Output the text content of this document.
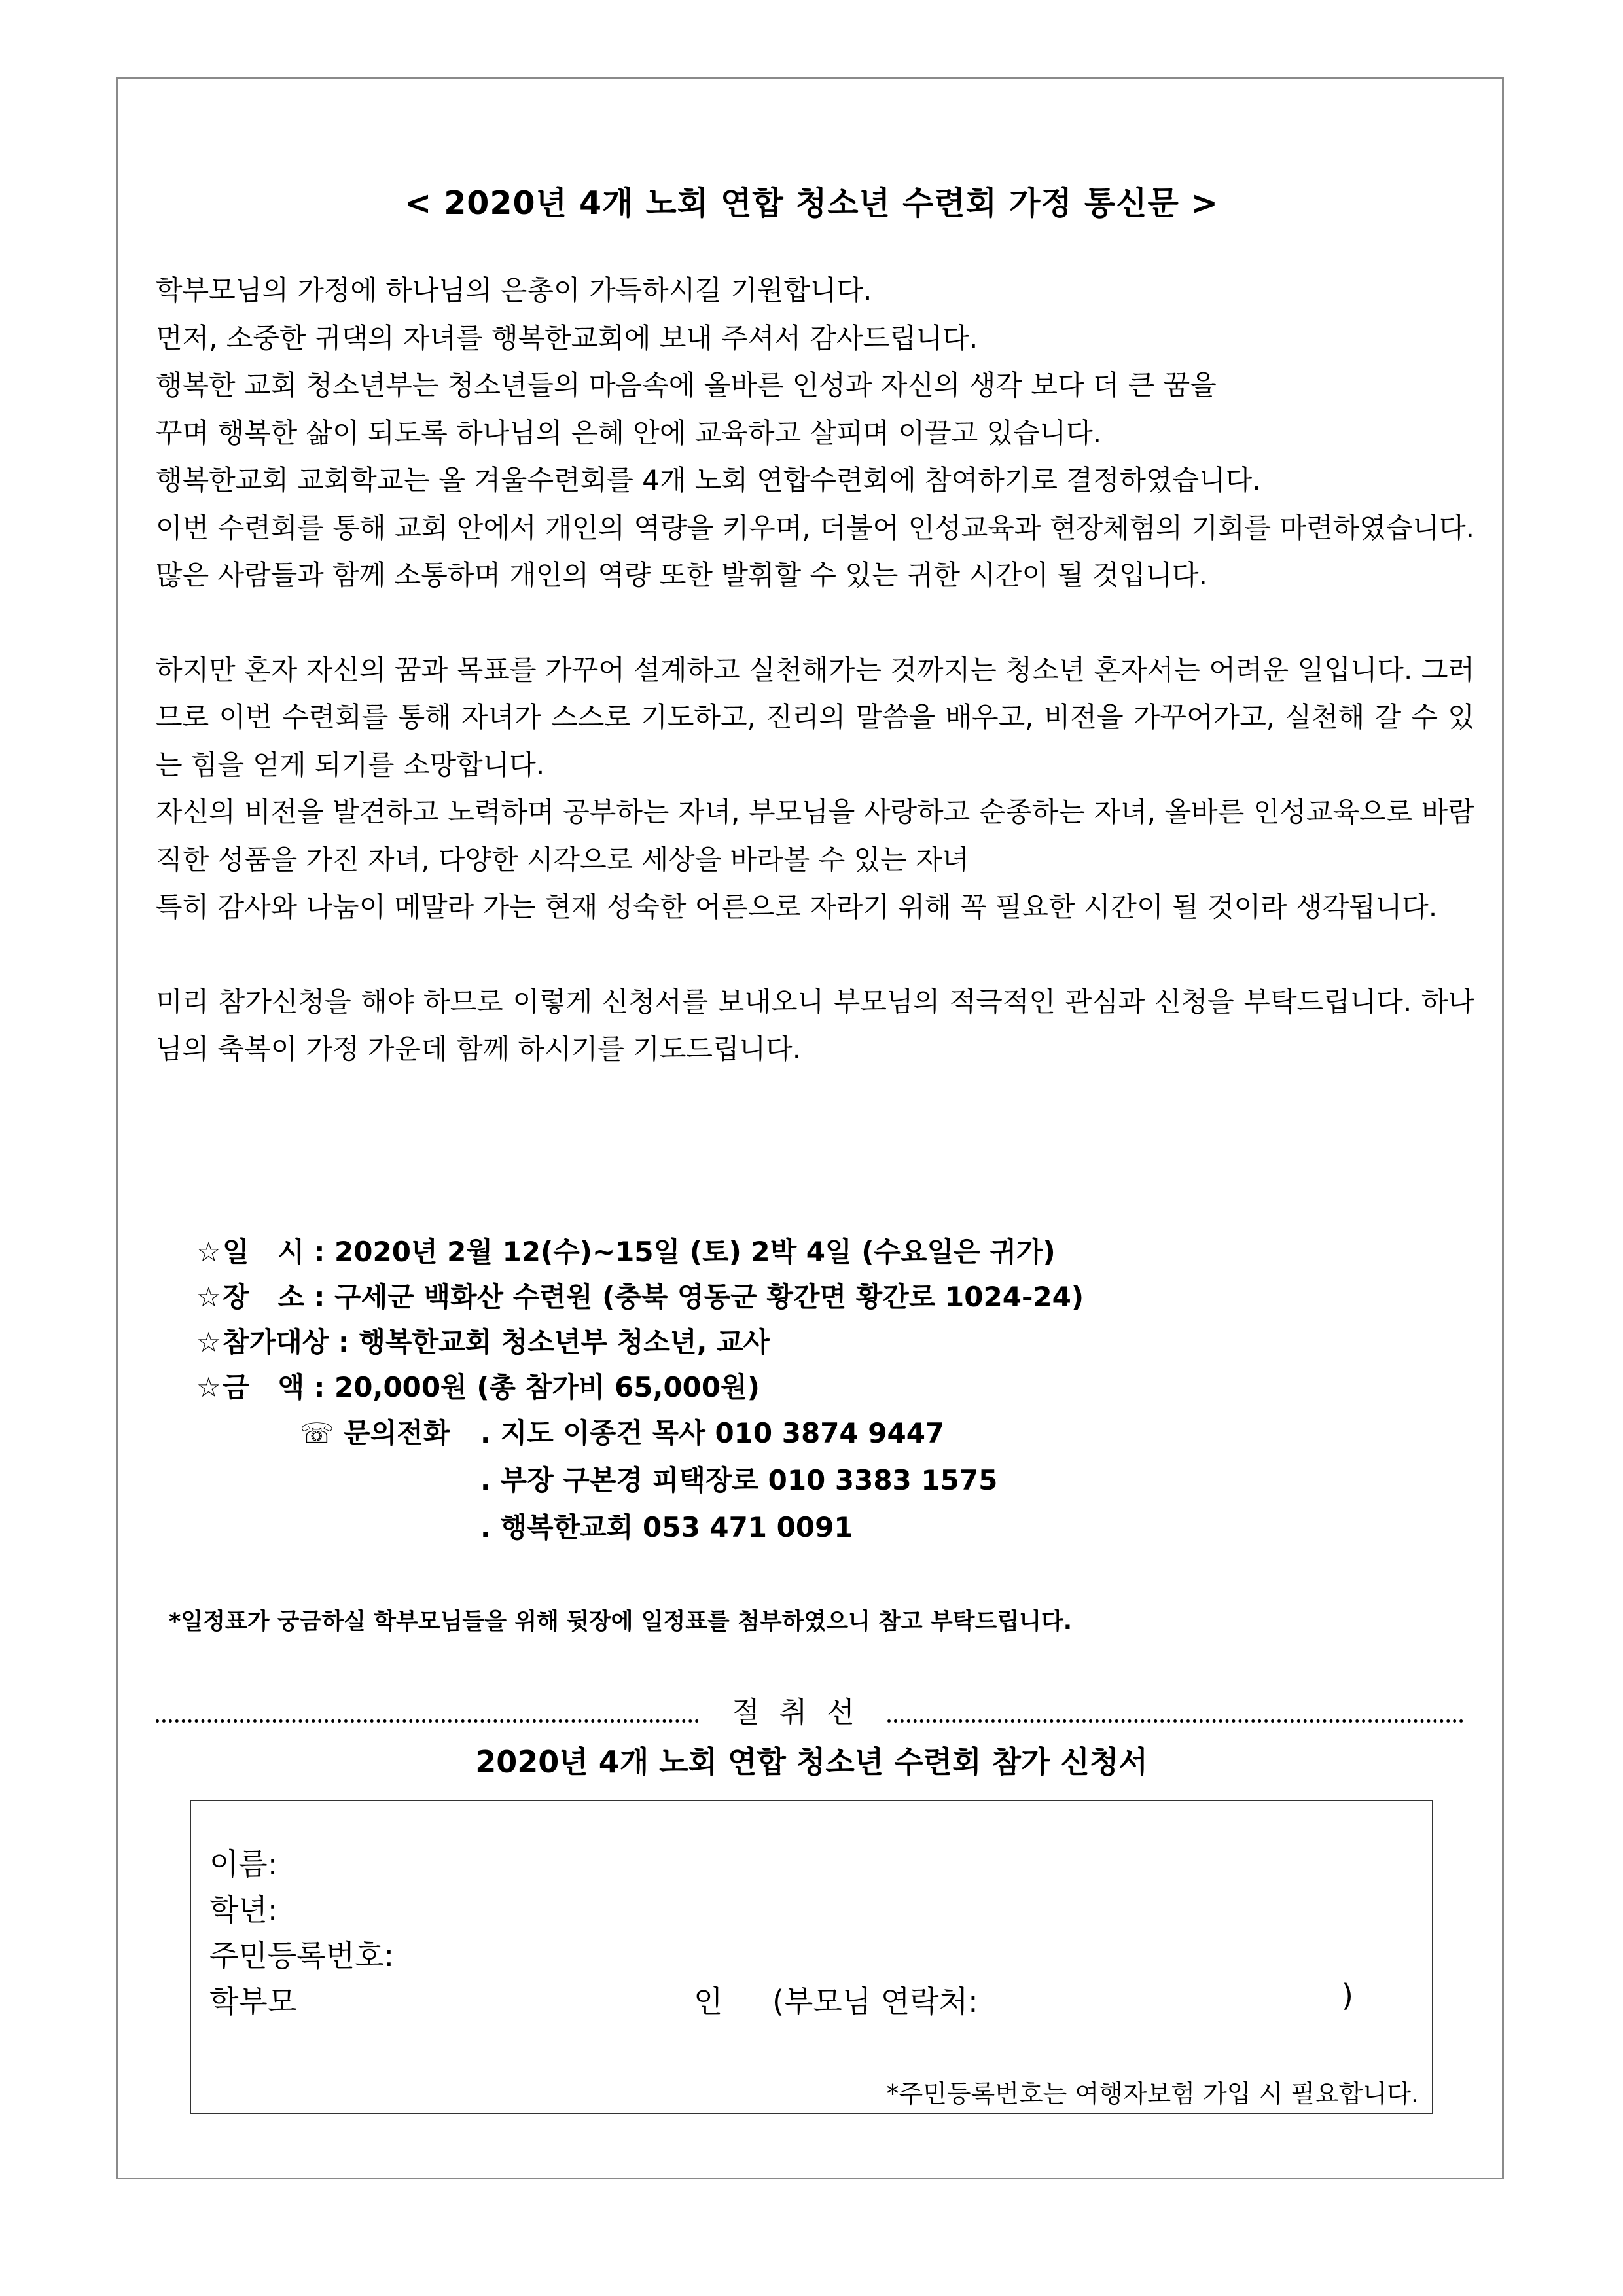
< 2020년 4개 노회 연합 청소년 수련회 가정 통신문 >

학부모님의 가정에 하나님의 은총이 가득하시길 기원합니다.

먼저, 소중한 귀댁의 자녀를 행복한교회에 보내 주셔서 감사드립니다.

행복한 교회 청소년부는 청소년들의 마음속에 올바른 인성과 자신의 생각 보다 더 큰 꿈을

꾸며 행복한 삶이 되도록 하나님의 은혜 안에 교육하고 살피며 이끌고 있습니다.

행복한교회 교회학교는 올 겨울수련회를 4개 노회 연합수련회에 참여하기로 결정하였습니다.

이번 수련회를 통해 교회 안에서 개인의 역량을 키우며, 더불어 인성교육과 현장체험의 기회를 마련하였습니다. 많은 사람들과 함께 소통하며 개인의 역량 또한 발휘할 수 있는 귀한 시간이 될 것입니다.

하지만 혼자 자신의 꿈과 목표를 가꾸어 설계하고 실천해가는 것까지는 청소년 혼자서는 어려운 일입니다. 그러므로 이번 수련회를 통해 자녀가 스스로 기도하고, 진리의 말씀을 배우고, 비전을 가꾸어가고, 실천해 갈 수 있는 힘을 얻게 되기를 소망합니다.

자신의 비전을 발견하고 노력하며 공부하는 자녀, 부모님을 사랑하고 순종하는 자녀, 올바른 인성교육으로 바람직한 성품을 가진 자녀, 다양한 시각으로 세상을 바라볼 수 있는 자녀

특히 감사와 나눔이 메말라 가는 현재 성숙한 어른으로 자라기 위해 꼭 필요한 시간이 될 것이라 생각됩니다.

미리 참가신청을 해야 하므로 이렇게 신청서를 보내오니 부모님의 적극적인 관심과 신청을 부탁드립니다. 하나님의 축복이 가정 가운데 함께 하시기를 기도드립니다.

☆일   시 : 2020년 2월 12(수)~15일 (토) 2박 4일 (수요일은 귀가)
☆장   소 : 구세군 백화산 수련원 (충북 영동군 황간면 황간로 1024-24)
☆참가대상 : 행복한교회 청소년부 청소년, 교사
☆금   액 : 20,000원 (총 참가비 65,000원)
☏ 문의전화 . 지도 이종건 목사 010 3874 9447
. 부장 구본경 피택장로 010 3383 1575
. 행복한교회 053 471 0091
*일정표가 궁금하실 학부모님들을 위해 뒷장에 일정표를 첨부하였으니 참고 부탁드립니다.
절 취 선
2020년 4개 노회 연합 청소년 수련회 참가 신청서
이름:
학년:
주민등록번호:
학부모	인 (부모님 연락처:	)
*주민등록번호는 여행자보험 가입 시 필요합니다.
